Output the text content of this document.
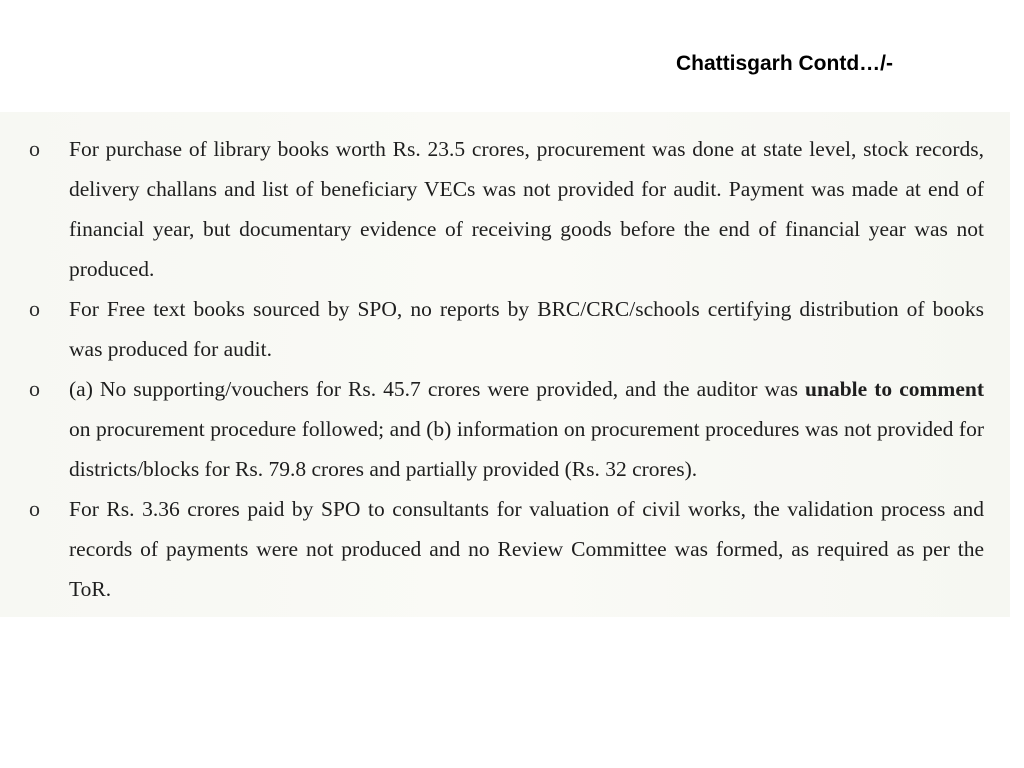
Chattisgarh Contd…/-
o For purchase of library books worth Rs. 23.5 crores, procurement was done at state level, stock records, delivery challans and list of beneficiary VECs was not provided for audit. Payment was made at end of financial year, but documentary evidence of receiving goods before the end of financial year was not produced.
o For Free text books sourced by SPO, no reports by BRC/CRC/schools certifying distribution of books was produced for audit.
o (a) No supporting/vouchers for Rs. 45.7 crores were provided, and the auditor was unable to comment on procurement procedure followed; and (b) information on procurement procedures was not provided for districts/blocks for Rs. 79.8 crores and partially provided (Rs. 32 crores).
o For Rs. 3.36 crores paid by SPO to consultants for valuation of civil works, the validation process and records of payments were not produced and no Review Committee was formed, as required as per the ToR.
